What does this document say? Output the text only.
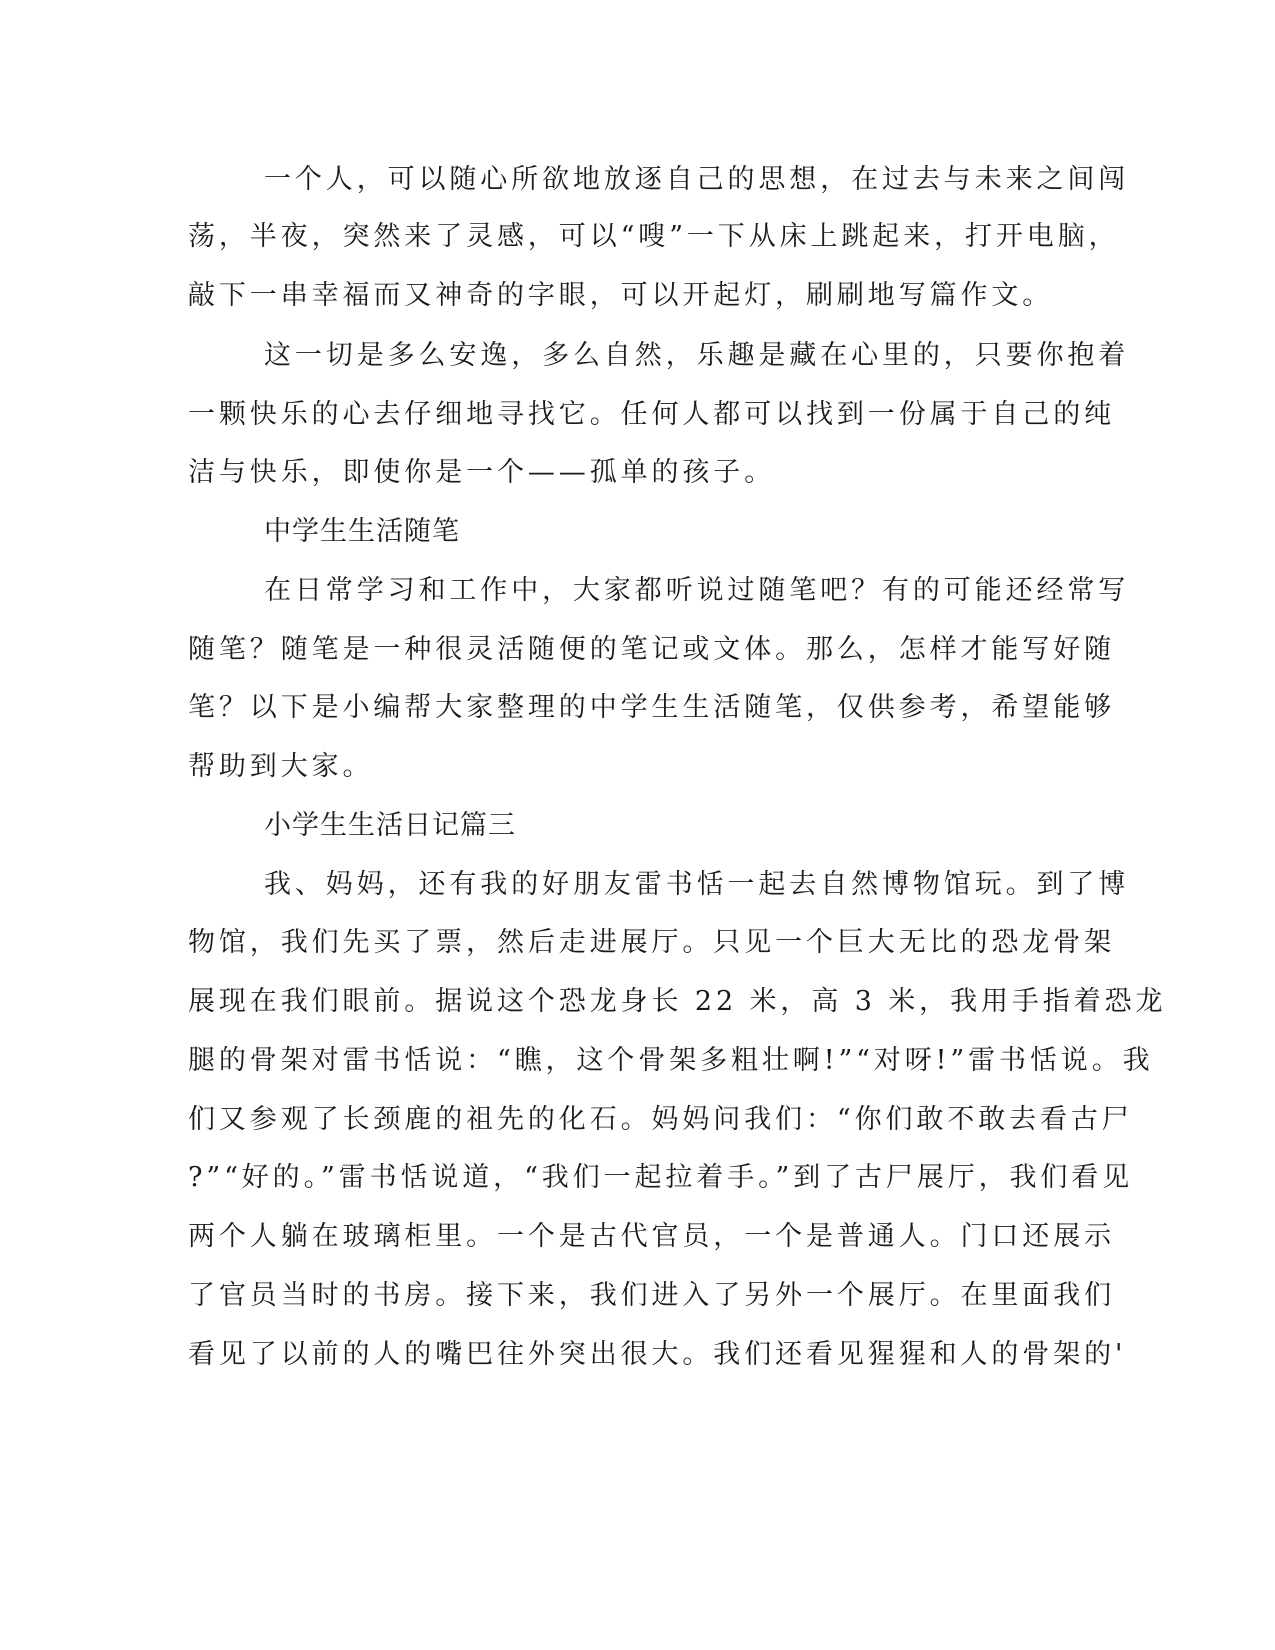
一个人，可以随心所欲地放逐自己的思想，在过去与未来之间闯
荡，半夜，突然来了灵感，可以“嗖”一下从床上跳起来，打开电脑，
敲下一串幸福而又神奇的字眼，可以开起灯，刷刷地写篇作文。
这一切是多么安逸，多么自然，乐趣是藏在心里的，只要你抱着
一颗快乐的心去仔细地寻找它。任何人都可以找到一份属于自己的纯
洁与快乐，即使你是一个——孤单的孩子。
中学生生活随笔
在日常学习和工作中，大家都听说过随笔吧？有的可能还经常写
随笔？随笔是一种很灵活随便的笔记或文体。那么，怎样才能写好随
笔？以下是小编帮大家整理的中学生生活随笔，仅供参考，希望能够
帮助到大家。
小学生生活日记篇三
我、妈妈，还有我的好朋友雷书恬一起去自然博物馆玩。到了博
物馆，我们先买了票，然后走进展厅。只见一个巨大无比的恐龙骨架
展现在我们眼前。据说这个恐龙身长 22 米，高 3 米，我用手指着恐龙
腿的骨架对雷书恬说：“瞧，这个骨架多粗壮啊!”“对呀!”雷书恬说。我
们又参观了长颈鹿的祖先的化石。妈妈问我们：“你们敢不敢去看古尸
?”“好的。”雷书恬说道，“我们一起拉着手。”到了古尸展厅，我们看见
两个人躺在玻璃柜里。一个是古代官员，一个是普通人。门口还展示
了官员当时的书房。接下来，我们进入了另外一个展厅。在里面我们
看见了以前的人的嘴巴往外突出很大。我们还看见猩猩和人的骨架的'
